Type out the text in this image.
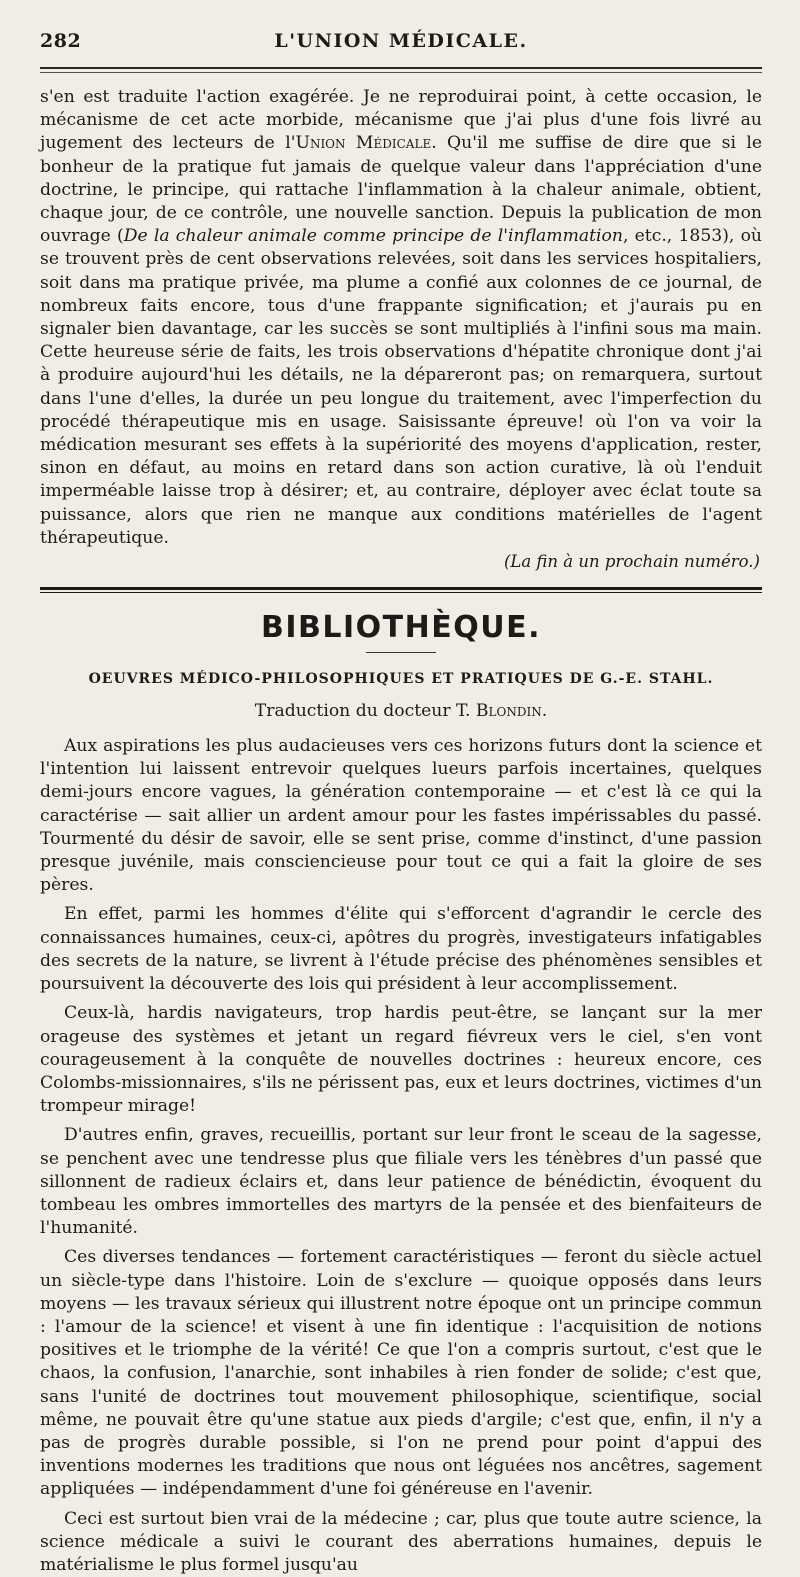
282	L'UNION MÉDICALE.

s'en est traduite l'action exagérée. Je ne reproduirai point, à cette occasion, le mécanisme de cet acte morbide, mécanisme que j'ai plus d'une fois livré au jugement des lecteurs de l'Union Médicale. Qu'il me suffise de dire que si le bonheur de la pratique fut jamais de quelque valeur dans l'appréciation d'une doctrine, le principe, qui rattache l'inflammation à la chaleur animale, obtient, chaque jour, de ce contrôle, une nouvelle sanction. Depuis la publication de mon ouvrage (De la chaleur animale comme principe de l'inflammation, etc., 1853), où se trouvent près de cent observations relevées, soit dans les services hospitaliers, soit dans ma pratique privée, ma plume a confié aux colonnes de ce journal, de nombreux faits encore, tous d'une frappante signification; et j'aurais pu en signaler bien davantage, car les succès se sont multipliés à l'infini sous ma main. Cette heureuse série de faits, les trois observations d'hépatite chronique dont j'ai à produire aujourd'hui les détails, ne la dépareront pas; on remarquera, surtout dans l'une d'elles, la durée un peu longue du traitement, avec l'imperfection du procédé thérapeutique mis en usage. Saisissante épreuve! où l'on va voir la médication mesurant ses effets à la supériorité des moyens d'application, rester, sinon en défaut, au moins en retard dans son action curative, là où l'enduit imperméable laisse trop à désirer; et, au contraire, déployer avec éclat toute sa puissance, alors que rien ne manque aux conditions matérielles de l'agent thérapeutique.

(La fin à un prochain numéro.)

BIBLIOTHÈQUE.
OEUVRES MÉDICO-PHILOSOPHIQUES ET PRATIQUES DE G.-E. STAHL.
Traduction du docteur T. Blondin.

Aux aspirations les plus audacieuses vers ces horizons futurs dont la science et l'intention lui laissent entrevoir quelques lueurs parfois incertaines, quelques demi-jours encore vagues, la génération contemporaine — et c'est là ce qui la caractérise — sait allier un ardent amour pour les fastes impérissables du passé. Tourmenté du désir de savoir, elle se sent prise, comme d'instinct, d'une passion presque juvénile, mais consciencieuse pour tout ce qui a fait la gloire de ses pères.

En effet, parmi les hommes d'élite qui s'efforcent d'agrandir le cercle des connaissances humaines, ceux-ci, apôtres du progrès, investigateurs infatigables des secrets de la nature, se livrent à l'étude précise des phénomènes sensibles et poursuivent la découverte des lois qui président à leur accomplissement.

Ceux-là, hardis navigateurs, trop hardis peut-être, se lançant sur la mer orageuse des systèmes et jetant un regard fiévreux vers le ciel, s'en vont courageusement à la conquête de nouvelles doctrines : heureux encore, ces Colombs-missionnaires, s'ils ne périssent pas, eux et leurs doctrines, victimes d'un trompeur mirage!

D'autres enfin, graves, recueillis, portant sur leur front le sceau de la sagesse, se penchent avec une tendresse plus que filiale vers les ténèbres d'un passé que sillonnent de radieux éclairs et, dans leur patience de bénédictin, évoquent du tombeau les ombres immortelles des martyrs de la pensée et des bienfaiteurs de l'humanité.

Ces diverses tendances — fortement caractéristiques — feront du siècle actuel un siècle-type dans l'histoire. Loin de s'exclure — quoique opposés dans leurs moyens — les travaux sérieux qui illustrent notre époque ont un principe commun : l'amour de la science! et visent à une fin identique : l'acquisition de notions positives et le triomphe de la vérité! Ce que l'on a compris surtout, c'est que le chaos, la confusion, l'anarchie, sont inhabiles à rien fonder de solide; c'est que, sans l'unité de doctrines tout mouvement philosophique, scientifique, social même, ne pouvait être qu'une statue aux pieds d'argile; c'est que, enfin, il n'y a pas de progrès durable possible, si l'on ne prend pour point d'appui des inventions modernes les traditions que nous ont léguées nos ancêtres, sagement appliquées — indépendamment d'une foi généreuse en l'avenir.

Ceci est surtout bien vrai de la médecine ; car, plus que toute autre science, la science médicale a suivi le courant des aberrations humaines, depuis le matérialisme le plus formel jusqu'au
